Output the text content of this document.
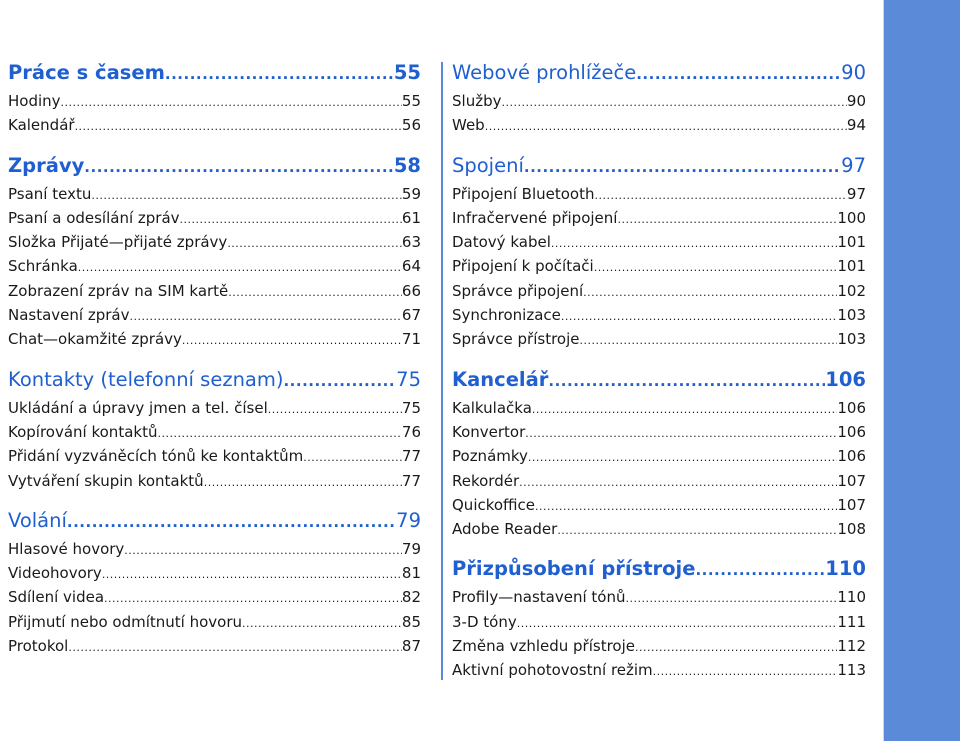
Práce s časem .....	55
Hodiny .....	55
Kalendář .....	56
Zprávy .....	58
Psaní textu .....	59
Psaní a odesílání zpráv .....	61
Složka Přijaté—přijaté zprávy .....	63
Schránka .....	64
Zobrazení zpráv na SIM kartě .....	66
Nastavení zpráv .....	67
Chat—okamžité zprávy .....	71
Kontakty (telefonní seznam) .....	75
Ukládání a úpravy jmen a tel. čísel .....	75
Kopírování kontaktů .....	76
Přidání vyzváněcích tónů ke kontaktům .....	77
Vytváření skupin kontaktů .....	77
Volání .....	79
Hlasové hovory .....	79
Videohovory .....	81
Sdílení videa .....	82
Přijmutí nebo odmítnutí hovoru .....	85
Protokol .....	87
Webové prohlížeče .....	90
Služby .....	90
Web .....	94
Spojení .....	97
Připojení Bluetooth .....	97
Infračervené připojení .....	100
Datový kabel .....	101
Připojení k počítači .....	101
Správce připojení .....	102
Synchronizace .....	103
Správce přístroje .....	103
Kancelář .....	106
Kalkulačka .....	106
Konvertor .....	106
Poznámky .....	106
Rekordér .....	107
Quickoffice .....	107
Adobe Reader .....	108
Přizpůsobení přístroje .....	110
Profily—nastavení tónů .....	110
3-D tóny .....	111
Změna vzhledu přístroje .....	112
Aktivní pohotovostní režim .....	113
